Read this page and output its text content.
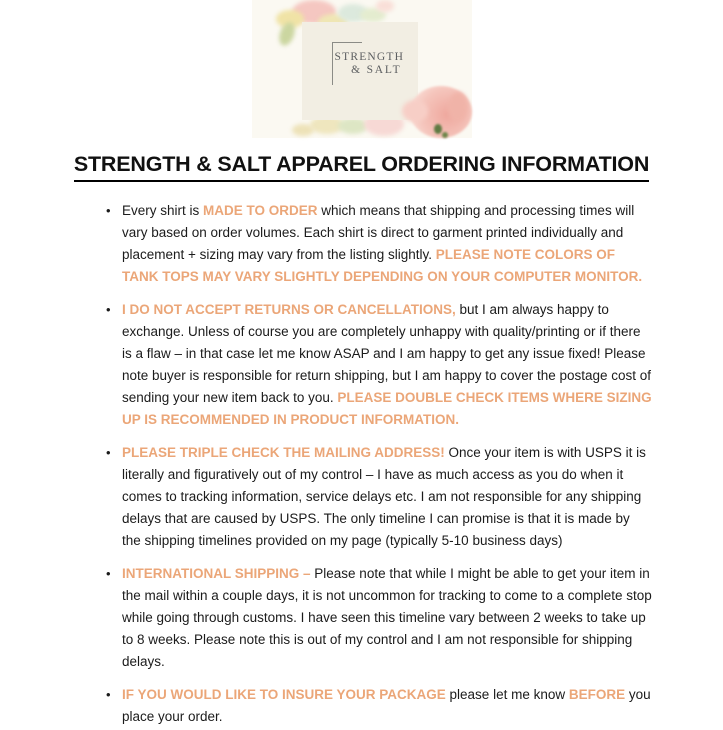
STRENGTH
& SALT
STRENGTH & SALT APPAREL ORDERING INFORMATION
• Every shirt is MADE TO ORDER which means that shipping and processing times will vary based on order volumes. Each shirt is direct to garment printed individually and placement + sizing may vary from the listing slightly. PLEASE NOTE COLORS OF TANK TOPS MAY VARY SLIGHTLY DEPENDING ON YOUR COMPUTER MONITOR.

• I DO NOT ACCEPT RETURNS OR CANCELLATIONS, but I am always happy to exchange. Unless of course you are completely unhappy with quality/printing or if there is a flaw – in that case let me know ASAP and I am happy to get any issue fixed! Please note buyer is responsible for return shipping, but I am happy to cover the postage cost of sending your new item back to you. PLEASE DOUBLE CHECK ITEMS WHERE SIZING UP IS RECOMMENDED IN PRODUCT INFORMATION.

• PLEASE TRIPLE CHECK THE MAILING ADDRESS! Once your item is with USPS it is literally and figuratively out of my control – I have as much access as you do when it comes to tracking information, service delays etc. I am not responsible for any shipping delays that are caused by USPS. The only timeline I can promise is that it is made by the shipping timelines provided on my page (typically 5-10 business days)

• INTERNATIONAL SHIPPING – Please note that while I might be able to get your item in the mail within a couple days, it is not uncommon for tracking to come to a complete stop while going through customs. I have seen this timeline vary between 2 weeks to take up to 8 weeks. Please note this is out of my control and I am not responsible for shipping delays.

• IF YOU WOULD LIKE TO INSURE YOUR PACKAGE please let me know BEFORE you place your order.
